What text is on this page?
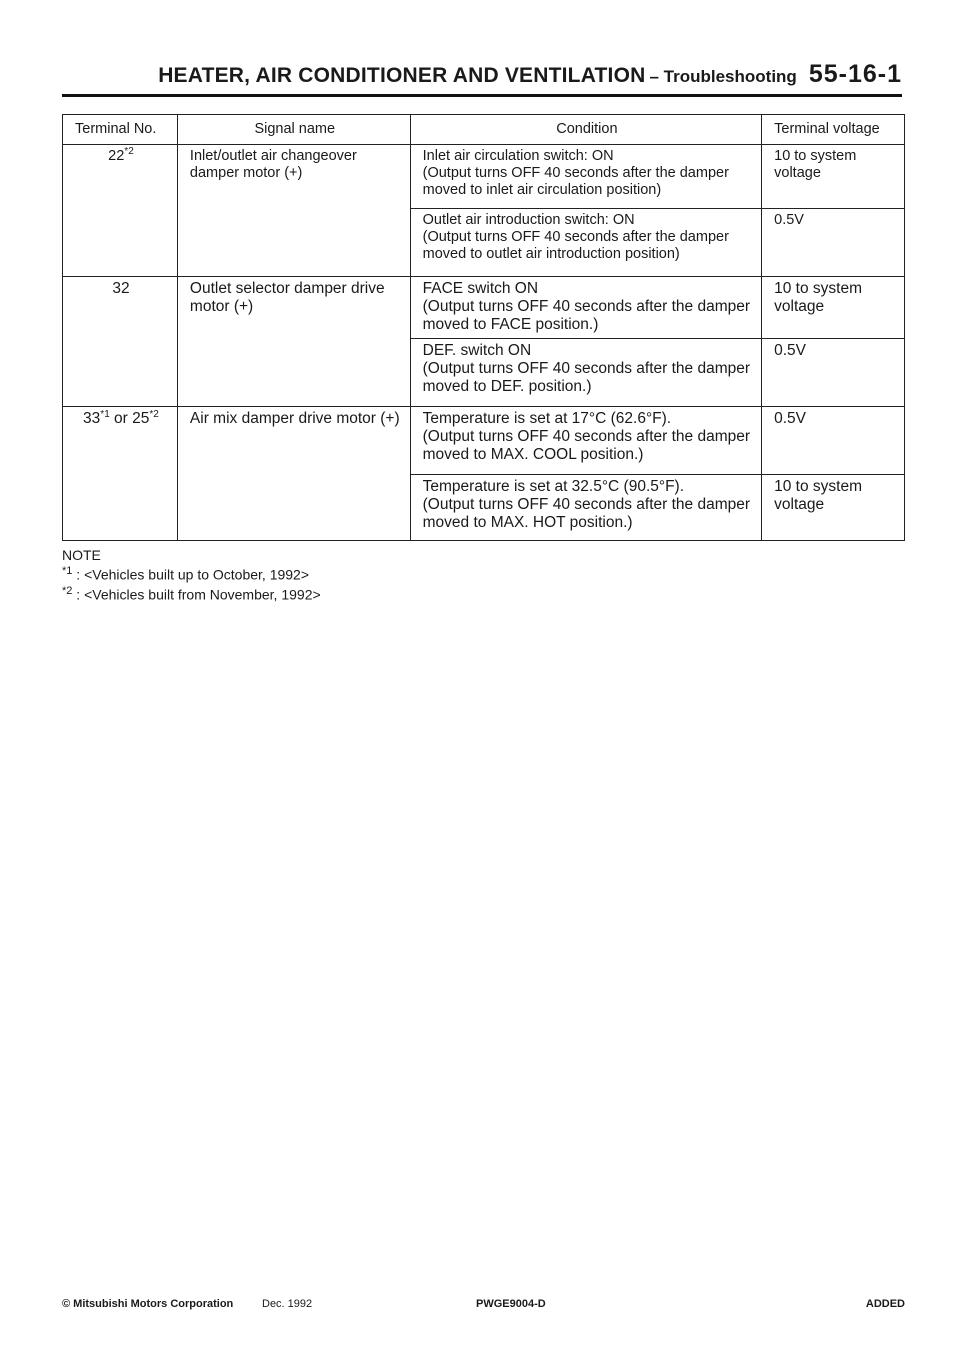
HEATER, AIR CONDITIONER AND VENTILATION – Troubleshooting 55-16-1
Terminal No.	Signal name	Condition	Terminal voltage
22$^{*2}$	Inlet/outlet air changeover damper motor (+)	Inlet air circulation switch: ON
(Output turns OFF 40 seconds after the damper moved to inlet air circulation position)	10 to system voltage

		Outlet air introduction switch: ON
(Output turns OFF 40 seconds after the damper moved to outlet air introduction position)	0.5V
32	Outlet selector damper drive motor (+)	FACE switch ON
(Output turns OFF 40 seconds after the damper moved to FACE position.)	10 to system voltage

		DEF. switch ON
(Output turns OFF 40 seconds after the damper moved to DEF. position.)	0.5V
33$^{*1}$ or 25$^{*2}$	Air mix damper drive motor (+)	Temperature is set at 17°C (62.6°F).
(Output turns OFF 40 seconds after the damper moved to MAX. COOL position.)	0.5V

		Temperature is set at 32.5°C (90.5°F).
(Output turns OFF 40 seconds after the damper moved to MAX. HOT position.)	10 to system voltage
NOTE
$^{*1}$ : <Vehicles built up to October, 1992>
$^{*2}$ : <Vehicles built from November, 1992>
© Mitsubishi Motors Corporation	Dec. 1992	PWGE9004-D	ADDED
